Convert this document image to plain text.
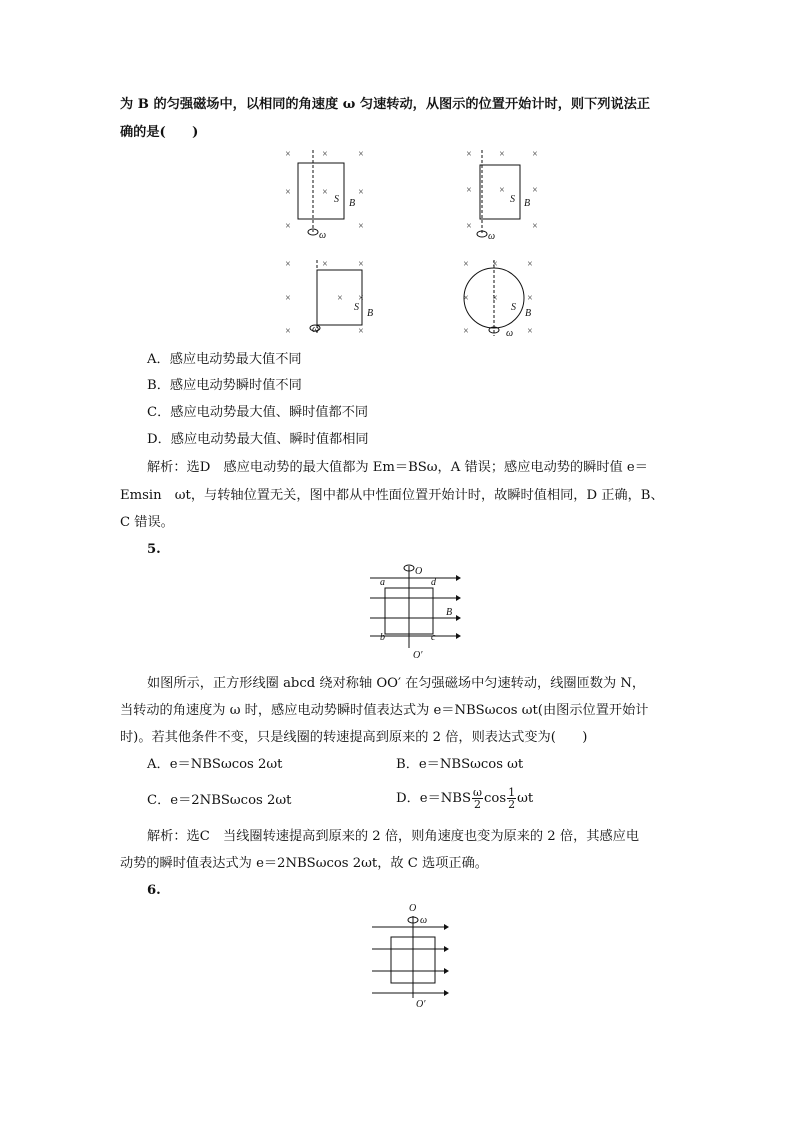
为 B 的匀强磁场中，以相同的角速度 ω 匀速转动，从图示的位置开始计时，则下列说法正
确的是(　　)
×	×	×
×	×	×
×	×
×	×	×
×	×	×
×	×
×	×	×
×	× ×
×	×
× ×	×
× ×	×
×	×
S B
ω
S B
ω
S
B
ω
S
B
ω
A．感应电动势最大值不同
B．感应电动势瞬时值不同
C．感应电动势最大值、瞬时值都不同
D．感应电动势最大值、瞬时值都相同
解析：选D　感应电动势的最大值都为 Em＝BSω，A 错误；感应电动势的瞬时值 e＝
Emsin　ωt，与转轴位置无关，图中都从中性面位置开始计时，故瞬时值相同，D 正确，B、
C 错误。
5.
O
O′
a	d
b	c
B
如图所示，正方形线圈 abcd 绕对称轴 OO′ 在匀强磁场中匀速转动，线圈匝数为 N，
当转动的角速度为 ω 时，感应电动势瞬时值表达式为 e＝NBSωcos ωt(由图示位置开始计
时)。若其他条件不变，只是线圈的转速提高到原来的 2 倍，则表达式变为(　　)
A．e＝NBSωcos 2ωt	B．e＝NBSωcos ωt
C．e＝2NBSωcos 2ωt	D．$e=NBS \frac{\omega}{2}$ $\cos \frac{1}{2}$ ωt
解析：选C　当线圈转速提高到原来的 2 倍，则角速度也变为原来的 2 倍，其感应电
动势的瞬时值表达式为 e＝2NBSωcos 2ωt，故 C 选项正确。
6.
O
ω
O′
